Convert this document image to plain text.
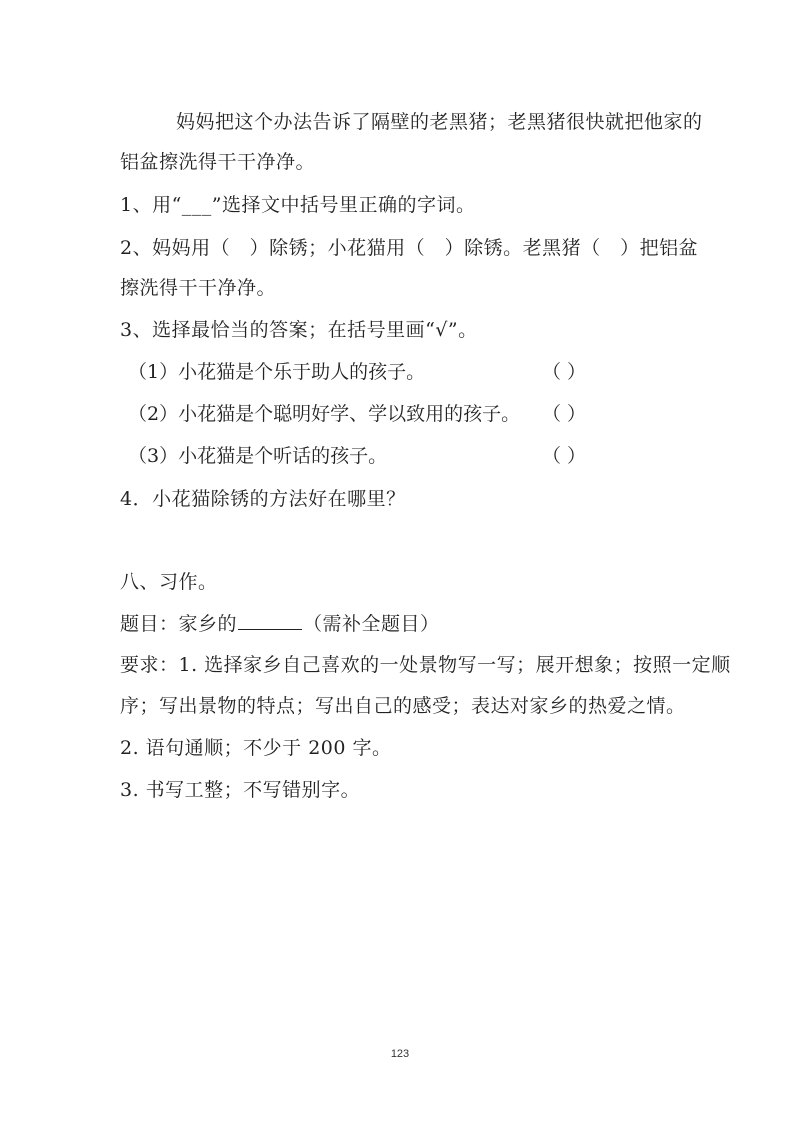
妈妈把这个办法告诉了隔壁的老黑猪；老黑猪很快就把他家的
铝盆擦洗得干干净净。
1、用“___”选择文中括号里正确的字词。
2、妈妈用（　）除锈；小花猫用（　）除锈。老黑猪（　）把铝盆
擦洗得干干净净。
3、选择最恰当的答案；在括号里画“√”。
（1）小花猫是个乐于助人的孩子。	（ ）
（2）小花猫是个聪明好学、学以致用的孩子。 （ ）
（3）小花猫是个听话的孩子。	（ ）
4．小花猫除锈的方法好在哪里？
八、习作。
题目：家乡的	（需补全题目）
要求：1. 选择家乡自己喜欢的一处景物写一写；展开想象；按照一定顺
序；写出景物的特点；写出自己的感受；表达对家乡的热爱之情。
2. 语句通顺；不少于 200 字。
3. 书写工整；不写错别字。
123
